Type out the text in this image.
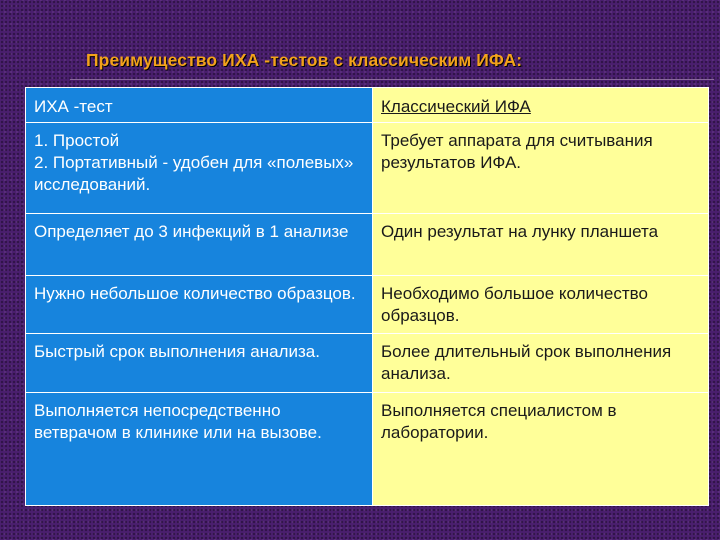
Преимущество ИХА -тестов с классическим ИФА:
ИХА -тест	Классический ИФА

1. Простой
2. Портативный - удобен для «полевых» исследований.	Требует аппарата для считывания результатов ИФА.

Определяет до 3 инфекций в 1 анализе	Один результат на лунку планшета

Нужно небольшое количество образцов.	Необходимо большое количество образцов.

Быстрый срок выполнения анализа.	Более длительный срок выполнения анализа.

Выполняется непосредственно ветврачом в клинике или на вызове.	Выполняется специалистом в лаборатории.
